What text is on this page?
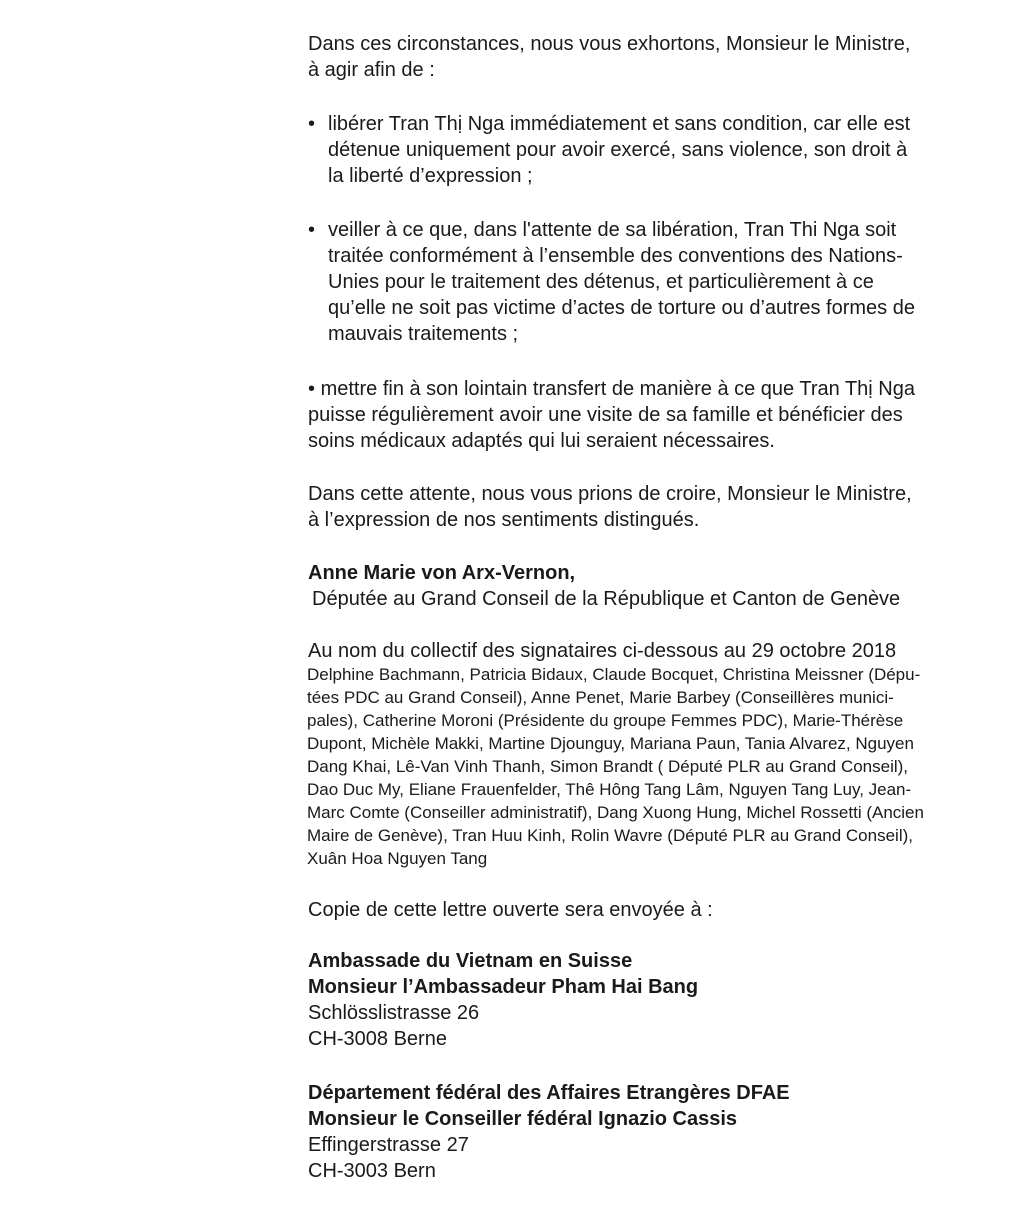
Dans ces circonstances, nous vous exhortons, Monsieur le Ministre,
à agir afin de :

• libérer Tran Thị Nga immédiatement et sans condition, car elle est
détenue uniquement pour avoir exercé, sans violence, son droit à
la liberté d’expression ;
• veiller à ce que, dans l'attente de sa libération, Tran Thi Nga soit
traitée conformément à l’ensemble des conventions des Nations-
Unies pour le traitement des détenus, et particulièrement à ce
qu’elle ne soit pas victime d’actes de torture ou d’autres formes de
mauvais traitements ;
• mettre fin à son lointain transfert de manière à ce que Tran Thị Nga
puisse régulièrement avoir une visite de sa famille et bénéficier des
soins médicaux adaptés qui lui seraient nécessaires.

Dans cette attente, nous vous prions de croire, Monsieur le Ministre,
à l’expression de nos sentiments distingués.

Anne Marie von Arx-Vernon,
Députée au Grand Conseil de la République et Canton de Genève

Au nom du collectif des signataires ci-dessous au 29 octobre 2018

Delphine Bachmann, Patricia Bidaux, Claude Bocquet, Christina Meissner (Dépu-
tées PDC au Grand Conseil), Anne Penet, Marie Barbey (Conseillères munici-
pales), Catherine Moroni (Présidente du groupe Femmes PDC), Marie-Thérèse
Dupont, Michèle Makki, Martine Djounguy, Mariana Paun, Tania Alvarez, Nguyen
Dang Khai, Lê-Van Vinh Thanh, Simon Brandt ( Député PLR au Grand Conseil),
Dao Duc My, Eliane Frauenfelder, Thê Hông Tang Lâm, Nguyen Tang Luy, Jean-
Marc Comte (Conseiller administratif), Dang Xuong Hung, Michel Rossetti (Ancien
Maire de Genève), Tran Huu Kinh, Rolin Wavre (Député PLR au Grand Conseil),
Xuân Hoa Nguyen Tang

Copie de cette lettre ouverte sera envoyée à :

Ambassade du Vietnam en Suisse
Monsieur l’Ambassadeur Pham Hai Bang
Schlösslistrasse 26
CH-3008 Berne
Département fédéral des Affaires Etrangères DFAE
Monsieur le Conseiller fédéral Ignazio Cassis
Effingerstrasse 27
CH-3003 Bern
